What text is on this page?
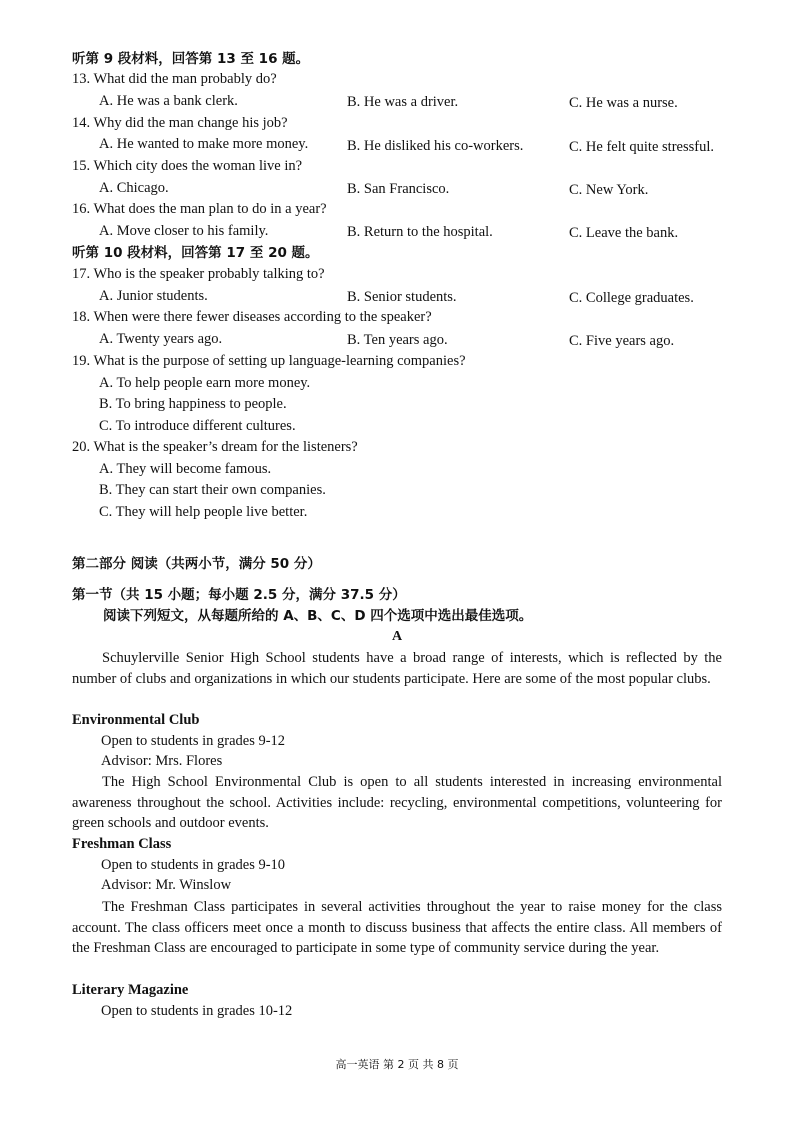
听第 9 段材料，回答第 13 至 16 题。
13. What did the man probably do?
A. He was a bank clerk.	B. He was a driver.	C. He was a nurse.
14. Why did the man change his job?
A. He wanted to make more money.	B. He disliked his co-workers.	C. He felt quite stressful.
15. Which city does the woman live in?
A. Chicago.	B. San Francisco.	C. New York.
16. What does the man plan to do in a year?
A. Move closer to his family.	B. Return to the hospital.	C. Leave the bank.
听第 10 段材料，回答第 17 至 20 题。
17. Who is the speaker probably talking to?
A. Junior students.	B. Senior students.	C. College graduates.
18. When were there fewer diseases according to the speaker?
A. Twenty years ago.	B. Ten years ago.	C. Five years ago.
19. What is the purpose of setting up language-learning companies?
A. To help people earn more money.
B. To bring happiness to people.
C. To introduce different cultures.
20. What is the speaker’s dream for the listeners?
A. They will become famous.
B. They can start their own companies.
C. They will help people live better.
第二部分 阅读（共两小节，满分 50 分）
第一节（共 15 小题；每小题 2.5 分，满分 37.5 分）
阅读下列短文，从每题所给的 A、B、C、D 四个选项中选出最佳选项。
A
Schuylerville Senior High School students have a broad range of interests, which is reflected by the number of clubs and organizations in which our students participate. Here are some of the most popular clubs.
Environmental Club
Open to students in grades 9-12
Advisor: Mrs. Flores
The High School Environmental Club is open to all students interested in increasing environmental awareness throughout the school. Activities include: recycling, environmental competitions, volunteering for green schools and outdoor events.
Freshman Class
Open to students in grades 9-10
Advisor: Mr. Winslow
The Freshman Class participates in several activities throughout the year to raise money for the class account. The class officers meet once a month to discuss business that affects the entire class. All members of the Freshman Class are encouraged to participate in some type of community service during the year.
Literary Magazine
Open to students in grades 10-12
高一英语 第 2 页 共 8 页
